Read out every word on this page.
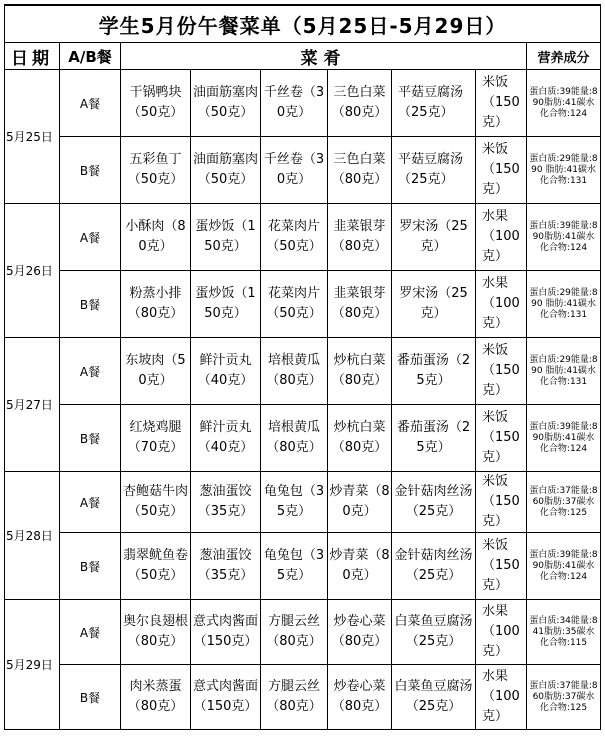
学生5月份午餐菜单（5月25日-5月29日）								
日期	A/B餐	菜肴						营养成分
5月25日	A餐	干锅鸭块（50克）	油面筋塞肉（50克）	千丝卷（30克）	三色白菜（80克）	平菇豆腐汤（25克）	米饭（150克）	蛋白质:39能量:890脂肪:41碳水化合物:124
	B餐	五彩鱼丁（50克）	油面筋塞肉（50克）	千丝卷（30克）	三色白菜（80克）	平菇豆腐汤（25克）	米饭（150克）	蛋白质:29能量:890 脂肪:41碳水化合物:131
5月26日	A餐	小酥肉（80克）	蛋炒饭（150克）	花菜肉片（50克）	韭菜银芽（80克）	罗宋汤（25克）	水果（100克）	蛋白质:39能量:890脂肪:41碳水化合物:124
	B餐	粉蒸小排（80克）	蛋炒饭（150克）	花菜肉片（50克）	韭菜银芽（80克）	罗宋汤（25克）	水果（100克）	蛋白质:29能量:890 脂肪:41碳水化合物:131
5月27日	A餐	东坡肉（50克）	鲜汁贡丸（40克）	培根黄瓜（80克）	炒杭白菜（80克）	番茄蛋汤（25克）	米饭（150克）	蛋白质:29能量:890 脂肪:41碳水化合物:131
	B餐	红烧鸡腿（70克）	鲜汁贡丸（40克）	培根黄瓜（80克）	炒杭白菜（80克）	番茄蛋汤（25克）	米饭（150克）	蛋白质:39能量:890脂肪:41碳水化合物:124
5月28日	A餐	杏鲍菇牛肉（50克）	葱油蛋饺（35克）	龟兔包（35克）	炒青菜（80克）	金针菇肉丝汤（25克）	米饭（150克）	蛋白质:37能量:860脂肪:37碳水化合物:125
	B餐	翡翠鱿鱼卷（50克）	葱油蛋饺（35克）	龟兔包（35克）	炒青菜（80克）	金针菇肉丝汤（25克）	米饭（150克）	蛋白质:39能量:890脂肪:41碳水化合物:124
5月29日	A餐	奥尔良翅根（80克）	意式肉酱面（150克）	方腿云丝（80克）	炒卷心菜（80克）	白菜鱼豆腐汤（25克）	水果（100克）	蛋白质:34能量:841脂肪:35碳水化合物:115
	B餐	肉米蒸蛋（80克）	意式肉酱面（150克）	方腿云丝（80克）	炒卷心菜（80克）	白菜鱼豆腐汤（25克）	水果（100克）	蛋白质:37能量:860脂肪:37碳水化合物:125
